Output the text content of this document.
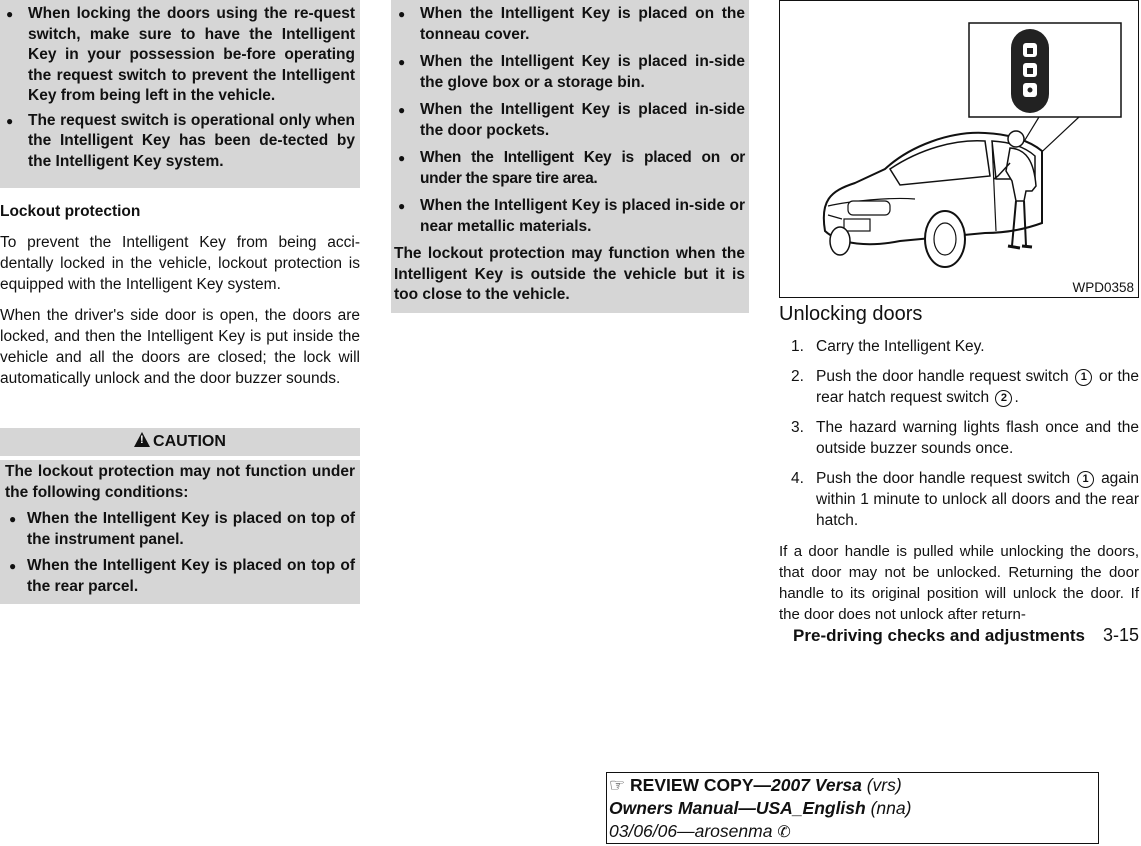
● When locking the doors using the re-quest switch, make sure to have the Intelligent Key in your possession be-fore operating the request switch to prevent the Intelligent Key from being left in the vehicle.
● The request switch is operational only when the Intelligent Key has been de-tected by the Intelligent Key system.
Lockout protection

To prevent the Intelligent Key from being acci-dentally locked in the vehicle, lockout protection is equipped with the Intelligent Key system.

When the driver's side door is open, the doors are locked, and then the Intelligent Key is put inside the vehicle and all the doors are closed; the lock will automatically unlock and the door buzzer sounds.

!CAUTION

The lockout protection may not function under the following conditions:

● When the Intelligent Key is placed on top of the instrument panel.
● When the Intelligent Key is placed on top of the rear parcel.
● When the Intelligent Key is placed on the tonneau cover.
● When the Intelligent Key is placed in-side the glove box or a storage bin.
● When the Intelligent Key is placed in-side the door pockets.
● When the Intelligent Key is placed on or under the spare tire area.
● When the Intelligent Key is placed in-side or near metallic materials.

The lockout protection may function when the Intelligent Key is outside the vehicle but it is too close to the vehicle.	WPD0358
Unlocking doors
1. Carry the Intelligent Key.
2. Push the door handle request switch 1 or the rear hatch request switch 2 .
3. The hazard warning lights flash once and the outside buzzer sounds once.
4. Push the door handle request switch 1 again within 1 minute to unlock all doors and the rear hatch.

If a door handle is pulled while unlocking the doors, that door may not be unlocked. Returning the door handle to its original position will unlock the door. If the door does not unlock after return-

Pre-driving checks and adjustments 3-15
☞ REVIEW COPY—2007 Versa (vrs)
Owners Manual—USA_English (nna)
03/06/06—arosenma ✆
